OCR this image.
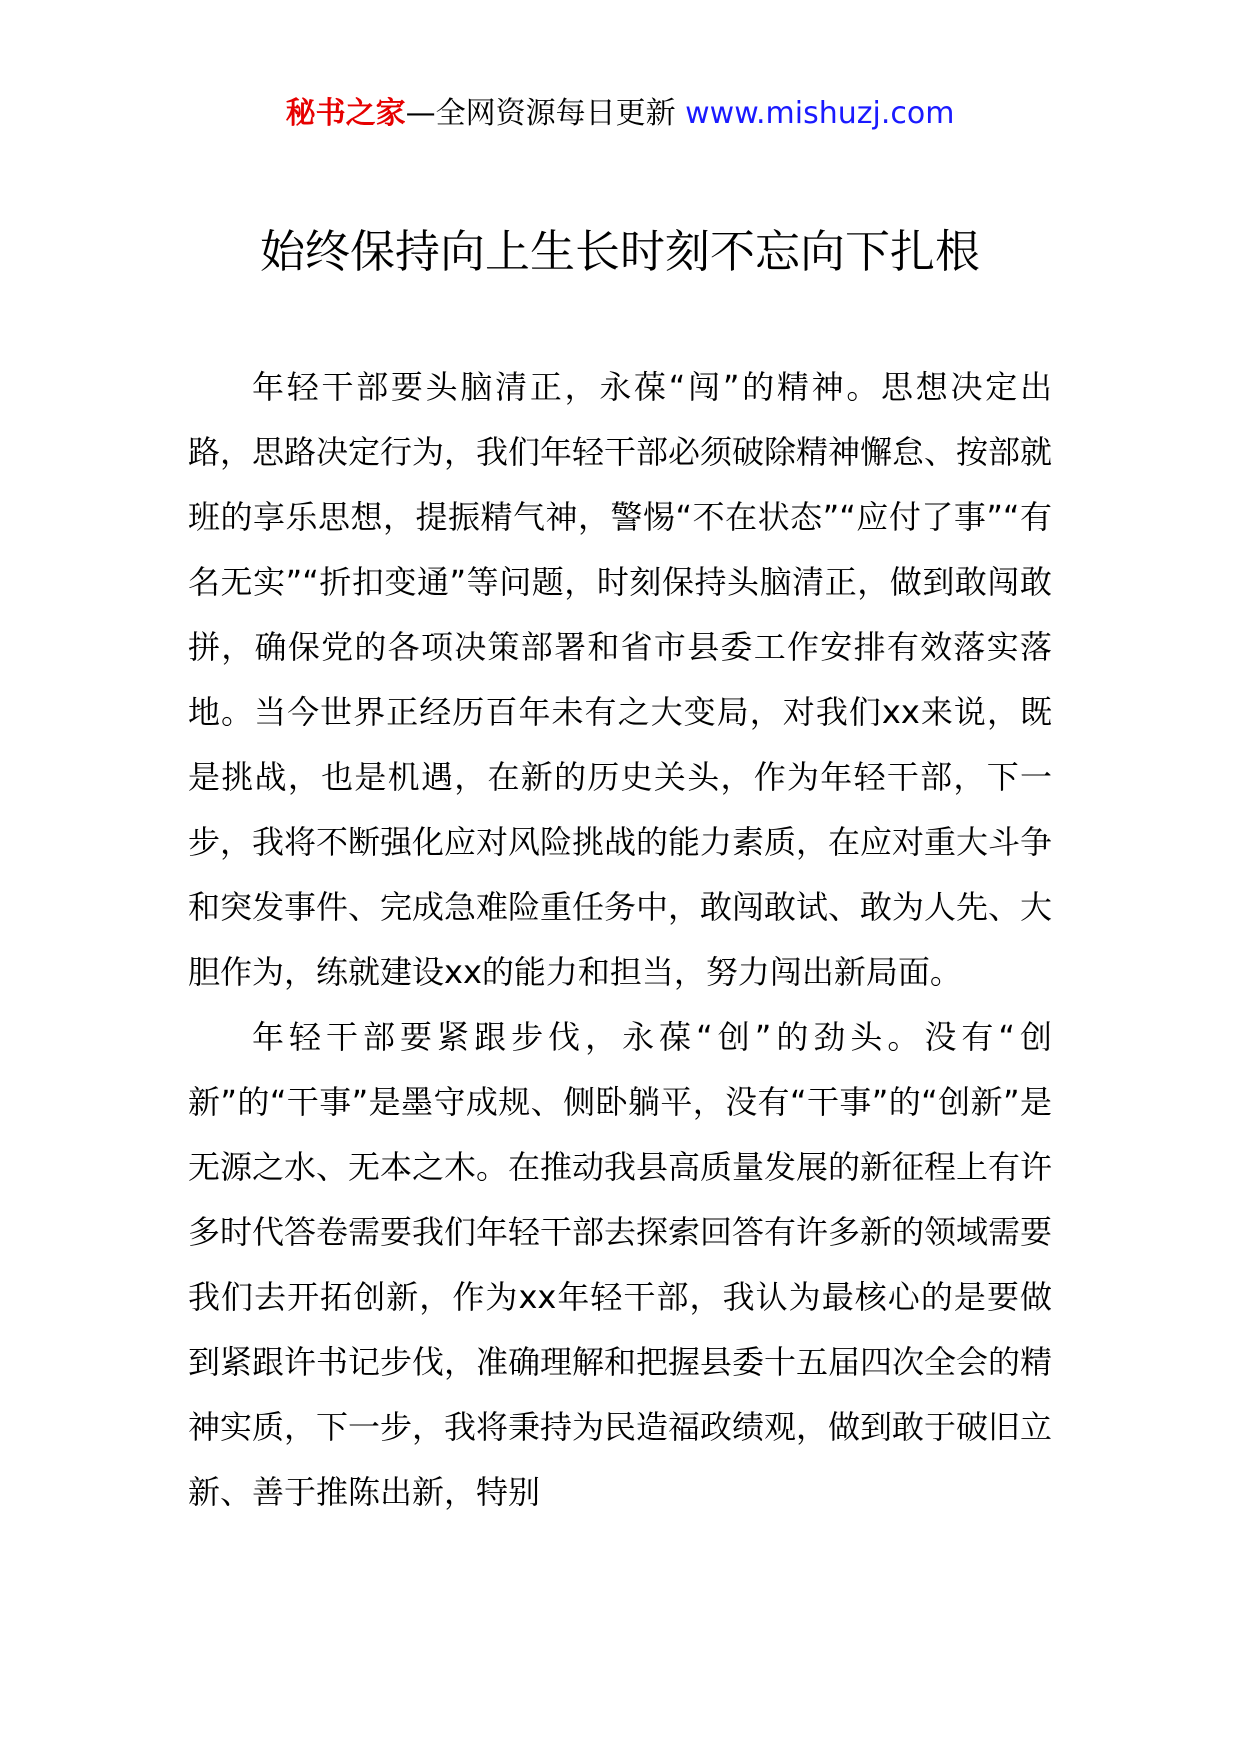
秘书之家—全网资源每日更新 www.mishuzj.com
始终保持向上生长时刻不忘向下扎根

年轻干部要头脑清正，永葆“闯”的精神。思想决定出路，思路决定行为，我们年轻干部必须破除精神懈怠、按部就班的享乐思想，提振精气神，警惕“不在状态”“应付了事”“有名无实”“折扣变通”等问题，时刻保持头脑清正，做到敢闯敢拼，确保党的各项决策部署和省市县委工作安排有效落实落地。当今世界正经历百年未有之大变局，对我们xx来说，既是挑战，也是机遇，在新的历史关头，作为年轻干部，下一步，我将不断强化应对风险挑战的能力素质，在应对重大斗争和突发事件、完成急难险重任务中，敢闯敢试、敢为人先、大胆作为，练就建设xx的能力和担当，努力闯出新局面。

年轻干部要紧跟步伐，永葆“创”的劲头。没有“创新”的“干事”是墨守成规、侧卧躺平，没有“干事”的“创新”是无源之水、无本之木。在推动我县高质量发展的新征程上有许多时代答卷需要我们年轻干部去探索回答有许多新的领域需要我们去开拓创新，作为xx年轻干部，我认为最核心的是要做到紧跟许书记步伐，准确理解和把握县委十五届四次全会的精神实质，下一步，我将秉持为民造福政绩观，做到敢于破旧立新、善于推陈出新，特别
